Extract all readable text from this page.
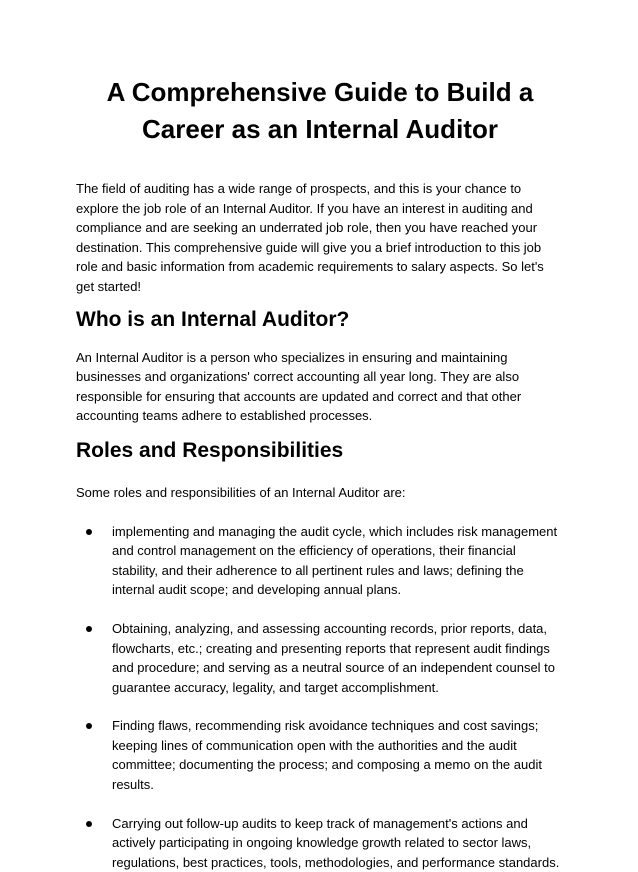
A Comprehensive Guide to Build a Career as an Internal Auditor

The field of auditing has a wide range of prospects, and this is your chance to explore the job role of an Internal Auditor. If you have an interest in auditing and compliance and are seeking an underrated job role, then you have reached your destination. This comprehensive guide will give you a brief introduction to this job role and basic information from academic requirements to salary aspects. So let's get started!

Who is an Internal Auditor?

An Internal Auditor is a person who specializes in ensuring and maintaining businesses and organizations' correct accounting all year long. They are also responsible for ensuring that accounts are updated and correct and that other accounting teams adhere to established processes.

Roles and Responsibilities

Some roles and responsibilities of an Internal Auditor are:

implementing and managing the audit cycle, which includes risk management and control management on the efficiency of operations, their financial stability, and their adherence to all pertinent rules and laws; defining the internal audit scope; and developing annual plans.
Obtaining, analyzing, and assessing accounting records, prior reports, data, flowcharts, etc.; creating and presenting reports that represent audit findings and procedure; and serving as a neutral source of an independent counsel to guarantee accuracy, legality, and target accomplishment.
Finding flaws, recommending risk avoidance techniques and cost savings; keeping lines of communication open with the authorities and the audit committee; documenting the process; and composing a memo on the audit results.
Carrying out follow-up audits to keep track of management's actions and actively participating in ongoing knowledge growth related to sector laws, regulations, best practices, tools, methodologies, and performance standards.
